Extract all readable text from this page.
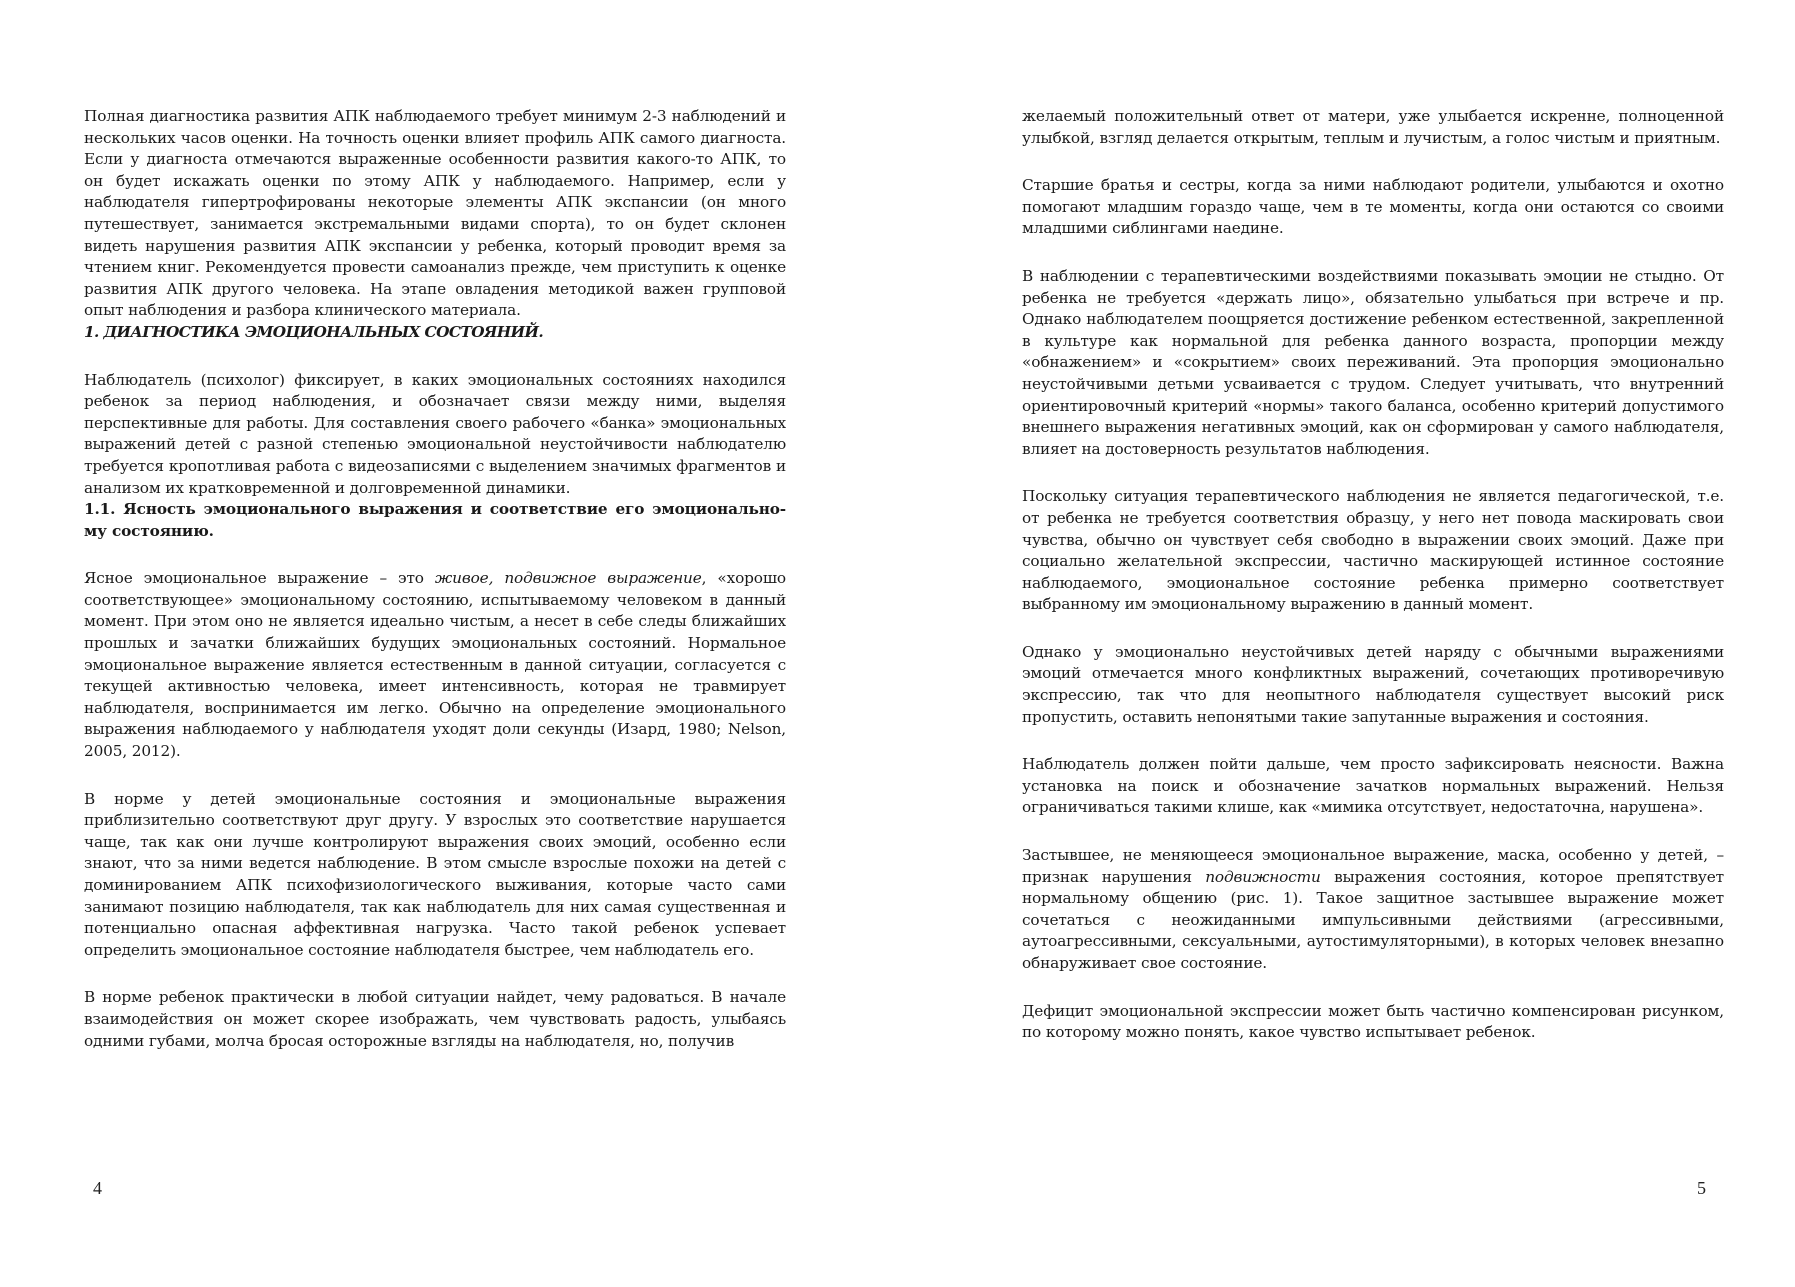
Полная диагностика развития АПК наблюдаемого требует минимум 2-3 наблюдений и нескольких часов оценки. На точность оценки влияет профиль АПК самого диагноста. Если у диагноста отмечаются выраженные особенности развития какого-то АПК, то он будет искажать оценки по этому АПК у наблюдаемого. Например, если у наблюдателя гипертрофированы некоторые элементы АПК экспансии (он много путешествует, занимается экстремальными видами спорта), то он будет склонен видеть нарушения развития АПК экспансии у ребенка, который проводит время за чтением книг. Рекомендуется провести самоанализ прежде, чем приступить к оценке развития АПК другого человека. На этапе овладения методикой важен групповой опыт наблюдения и разбора клинического материала.

1. ДИАГНОСТИКА ЭМОЦИОНАЛЬНЫХ СОСТОЯНИЙ.

Наблюдатель (психолог) фиксирует, в каких эмоциональных состояниях находился ребенок за период наблюдения, и обозначает связи между ними, выделяя перспективные для работы. Для составления своего рабочего «банка» эмоциональных выражений детей с разной степенью эмоциональной неустойчивости наблюдателю требуется кропотливая работа с видеозаписями с выделением значимых фрагментов и анализом их кратковременной и долговременной динамики.

1.1. Ясность эмоционального выражения и соответствие его эмоционально-му состоянию.

Ясное эмоциональное выражение – это живое, подвижное выражение, «хорошо соответствующее» эмоциональному состоянию, испытываемому человеком в данный момент. При этом оно не является идеально чистым, а несет в себе следы ближайших прошлых и зачатки ближайших будущих эмоциональных состояний. Нормальное эмоциональное выражение является естественным в данной ситуации, согласуется с текущей активностью человека, имеет интенсивность, которая не травмирует наблюдателя, воспринимается им легко. Обычно на определение эмоционального выражения наблюдаемого у наблюдателя уходят доли секунды (Изард, 1980; Nelson, 2005, 2012).

В норме у детей эмоциональные состояния и эмоциональные выражения приблизительно соответствуют друг другу. У взрослых это соответствие нарушается чаще, так как они лучше контролируют выражения своих эмоций, особенно если знают, что за ними ведется наблюдение. В этом смысле взрослые похожи на детей с доминированием АПК психофизиологического выживания, которые часто сами занимают позицию наблюдателя, так как наблюдатель для них самая существенная и потенциально опасная аффективная нагрузка. Часто такой ребенок успевает определить эмоциональное состояние наблюдателя быстрее, чем наблюдатель его.

В норме ребенок практически в любой ситуации найдет, чему радоваться. В начале взаимодействия он может скорее изображать, чем чувствовать радость, улыбаясь одними губами, молча бросая осторожные взгляды на наблюдателя, но, получив

4

желаемый положительный ответ от матери, уже улыбается искренне, полноценной улыбкой, взгляд делается открытым, теплым и лучистым, а голос чистым и приятным.

Старшие братья и сестры, когда за ними наблюдают родители, улыбаются и охотно помогают младшим гораздо чаще, чем в те моменты, когда они остаются со своими младшими сиблингами наедине.

В наблюдении с терапевтическими воздействиями показывать эмоции не стыдно. От ребенка не требуется «держать лицо», обязательно улыбаться при встрече и пр. Однако наблюдателем поощряется достижение ребенком естественной, закрепленной в культуре как нормальной для ребенка данного возраста, пропорции между «обнажением» и «сокрытием» своих переживаний. Эта пропорция эмоционально неустойчивыми детьми усваивается с трудом. Следует учитывать, что внутренний ориентировочный критерий «нормы» такого баланса, особенно критерий допустимого внешнего выражения негативных эмоций, как он сформирован у самого наблюдателя, влияет на достоверность результатов наблюдения.

Поскольку ситуация терапевтического наблюдения не является педагогической, т.е. от ребенка не требуется соответствия образцу, у него нет повода маскировать свои чувства, обычно он чувствует себя свободно в выражении своих эмоций. Даже при социально желательной экспрессии, частично маскирующей истинное состояние наблюдаемого, эмоциональное состояние ребенка примерно соответствует выбранному им эмоциональному выражению в данный момент.

Однако у эмоционально неустойчивых детей наряду с обычными выражениями эмоций отмечается много конфликтных выражений, сочетающих противоречивую экспрессию, так что для неопытного наблюдателя существует высокий риск пропустить, оставить непонятыми такие запутанные выражения и состояния.

Наблюдатель должен пойти дальше, чем просто зафиксировать неясности. Важна установка на поиск и обозначение зачатков нормальных выражений. Нельзя ограничиваться такими клише, как «мимика отсутствует, недостаточна, нарушена».

Застывшее, не меняющееся эмоциональное выражение, маска, особенно у детей, – признак нарушения подвижности выражения состояния, которое препятствует нормальному общению (рис. 1). Такое защитное застывшее выражение может сочетаться с неожиданными импульсивными действиями (агрессивными, аутоагрессивными, сексуальными, аутостимуляторными), в которых человек внезапно обнаруживает свое состояние.

Дефицит эмоциональной экспрессии может быть частично компенсирован рисунком, по которому можно понять, какое чувство испытывает ребенок.

5
